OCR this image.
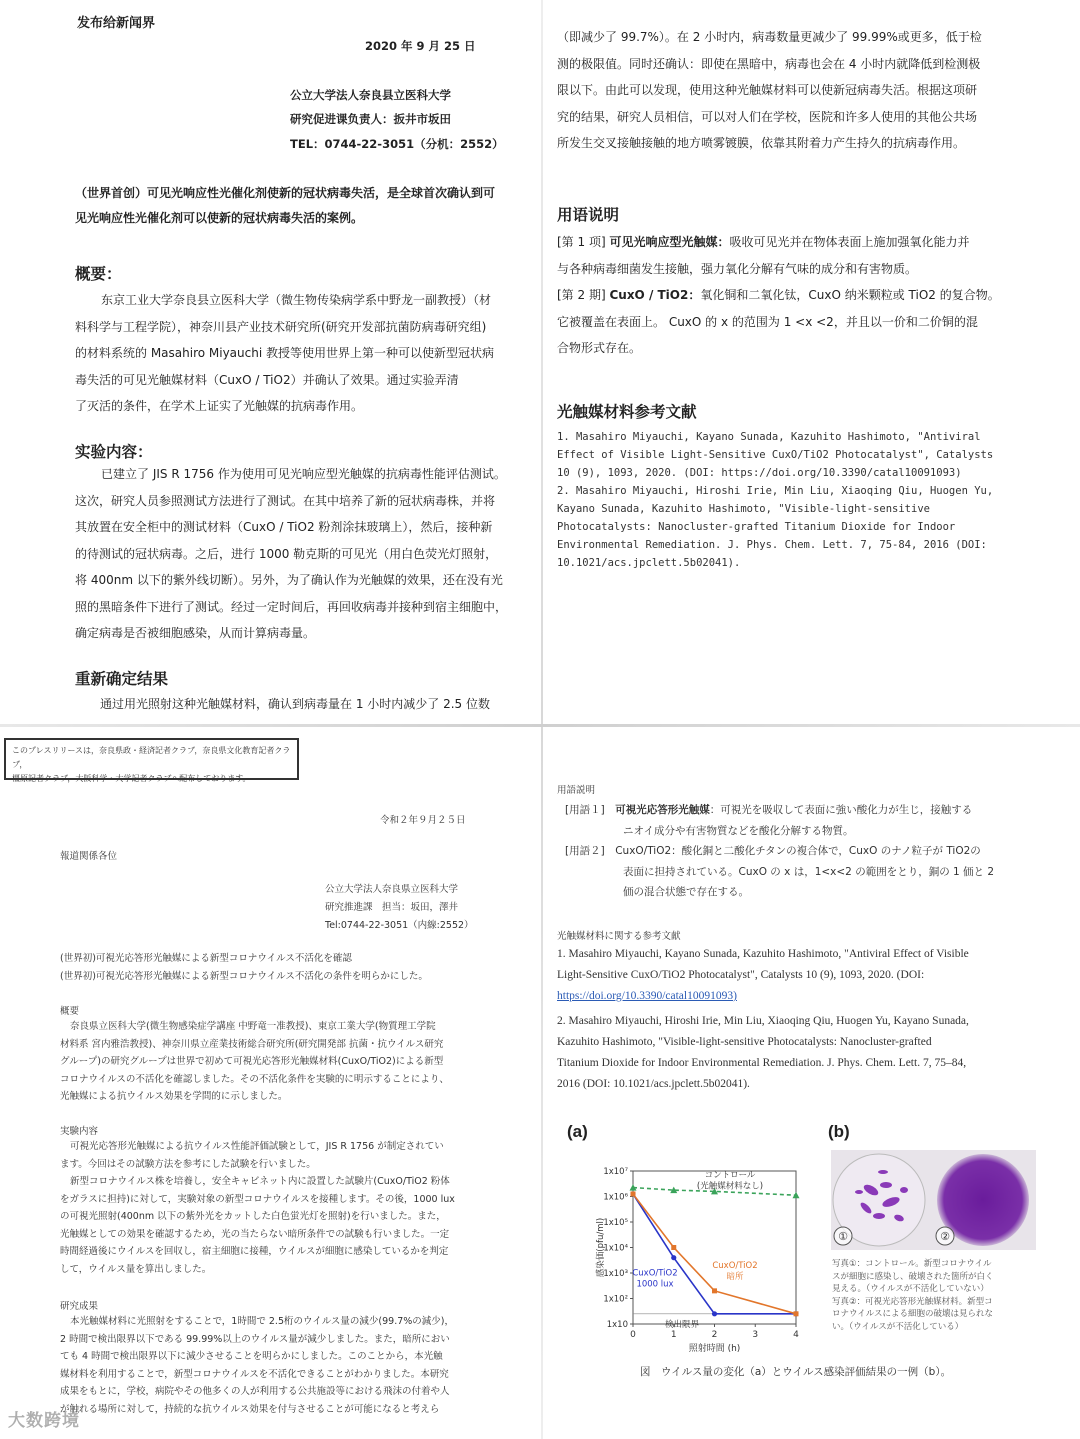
发布给新闻界

2020 年 9 月 25 日

公立大学法人奈良县立医科大学

研究促进课负责人：扳井市坂田

TEL：0744-22-3051（分机：2552）

（世界首创）可见光响应性光催化剂使新的冠状病毒失活，是全球首次确认到可

见光响应性光催化剂可以使新的冠状病毒失活的案例。

概要：

东京工业大学奈良县立医科大学（微生物传染病学系中野龙一副教授）（材
料科学与工程学院），神奈川县产业技术研究所(研究开发部抗菌防病毒研究组)
的材料系统的 Masahiro Miyauchi 教授等使用世界上第一种可以使新型冠状病
毒失活的可见光触媒材料（CuxO / TiO2）并确认了效果。通过实验弄清
了灭活的条件，在学术上证实了光触媒的抗病毒作用。

实验内容：

已建立了 JIS R 1756 作为使用可见光响应型光触媒的抗病毒性能评估测试。
这次，研究人员参照测试方法进行了测试。在其中培养了新的冠状病毒株，并将
其放置在安全柜中的测试材料（CuxO / TiO2 粉剂涂抹玻璃上），然后，接种新
的待测试的冠状病毒。之后，进行 1000 勒克斯的可见光（用白色荧光灯照射，
将 400nm 以下的紫外线切断）。另外，为了确认作为光触媒的效果，还在没有光
照的黑暗条件下进行了测试。经过一定时间后，再回收病毒并接种到宿主细胞中，
确定病毒是否被细胞感染，从而计算病毒量。

重新确定结果

通过用光照射这种光触媒材料，确认到病毒量在 1 小时内减少了 2.5 位数

（即减少了 99.7%）。在 2 小时内，病毒数量更减少了 99.99%或更多，低于检
测的极限值。同时还确认：即使在黑暗中，病毒也会在 4 小时内就降低到检测极
限以下。由此可以发现，使用这种光触媒材料可以使新冠病毒失活。根据这项研
究的结果，研究人员相信，可以对人们在学校，医院和许多人使用的其他公共场
所发生交叉接触接触的地方喷雾镀膜，依靠其附着力产生持久的抗病毒作用。

用语说明

[第 1 项] 可见光响应型光触媒：吸收可见光并在物体表面上施加强氧化能力并
与各种病毒细菌发生接触，强力氧化分解有气味的成分和有害物质。
[第 2 期] CuxO / TiO2：氧化铜和二氧化钛，CuxO 纳米颗粒或 TiO2 的复合物。
它被覆盖在表面上。 CuxO 的 x 的范围为 1 <x <2，并且以一价和二价铜的混
合物形式存在。

光触媒材料参考文献

1. Masahiro Miyauchi, Kayano Sunada, Kazuhito Hashimoto, "Antiviral
Effect of Visible Light-Sensitive CuxO/TiO2 Photocatalyst", Catalysts
10 (9), 1093, 2020. (DOI: https://doi.org/10.3390/catal10091093)
2. Masahiro Miyauchi, Hiroshi Irie, Min Liu, Xiaoqing Qiu, Huogen Yu,
Kayano Sunada, Kazuhito Hashimoto, "Visible-light-sensitive
Photocatalysts: Nanocluster-grafted Titanium Dioxide for Indoor
Environmental Remediation. J. Phys. Chem. Lett. 7, 75-84, 2016 (DOI:
10.1021/acs.jpclett.5b02041).
このプレスリリースは，奈良県政・経済記者クラブ，奈良県文化教育記者クラブ，
橿原記者クラブ，大阪科学・大学記者クラブへ配布しております。

令和２年９月２５日

報道関係各位

公立大学法人奈良県立医科大学

研究推進課　担当：坂田，澤井

Tel:0744-22-3051（内線:2552）

(世界初)可視光応答形光触媒による新型コロナウイルス不活化を確認

(世界初)可視光応答形光触媒による新型コロナウイルス不活化の条件を明らかにした。

概要

奈良県立医科大学(微生物感染症学講座 中野竜一准教授)、東京工業大学(物質理工学院
材料系 宮内雅浩教授)、神奈川県立産業技術総合研究所(研究開発部 抗菌・抗ウイルス研究
グループ)の研究グループは世界で初めて可視光応答形光触媒材料(CuxO/TiO2)による新型
コロナウイルスの不活化を確認しました。その不活化条件を実験的に明示することにより、
光触媒による抗ウイルス効果を学問的に示しました。

実験内容

可視光応答形光触媒による抗ウイルス性能評価試験として，JIS R 1756 が制定されてい
ます。今回はその試験方法を参考にした試験を行いました。
新型コロナウイルス株を培養し，安全キャビネット内に設置した試験片(CuxO/TiO2 粉体
をガラスに担持)に対して，実験対象の新型コロナウイルスを接種します。その後，1000 lux
の可視光照射(400nm 以下の紫外光をカットした白色蛍光灯を照射)を行いました。また，
光触媒としての効果を確認するため，光の当たらない暗所条件での試験も行いました。一定
時間経過後にウイルスを回収し，宿主細胞に接種，ウイルスが細胞に感染しているかを判定
して，ウイルス量を算出しました。

研究成果

本光触媒材料に光照射をすることで，1時間で 2.5桁のウイルス量の減少(99.7%の減少)，
2 時間で検出限界以下である 99.99%以上のウイルス量が減少しました。また，暗所におい
ても 4 時間で検出限界以下に減少させることを明らかにしました。このことから，本光触
媒材料を利用することで，新型コロナウイルスを不活化できることがわかりました。本研究
成果をもとに，学校，病院やその他多くの人が利用する公共施設等における飛沫の付着や人
が触れる場所に対して，持続的な抗ウイルス効果を付与させることが可能になると考えら

用語説明

[用語１]　 可視光応答形光触媒：可視光を吸収して表面に強い酸化力が生じ，接触する
ニオイ成分や有害物質などを酸化分解する物質。
[用語２]　 CuxO/TiO2：酸化銅と二酸化チタンの複合体で，CuxO のナノ粒子が TiO2の
表面に担持されている。CuxO の x は，1<x<2 の範囲をとり，銅の 1 価と 2
価の混合状態で存在する。

光触媒材料に関する参考文献

1. Masahiro Miyauchi, Kayano Sunada, Kazuhito Hashimoto, "Antiviral Effect of Visible
Light-Sensitive CuxO/TiO2 Photocatalyst", Catalysts 10 (9), 1093, 2020. (DOI:
https://doi.org/10.3390/catal10091093)
2. Masahiro Miyauchi, Hiroshi Irie, Min Liu, Xiaoqing Qiu, Huogen Yu, Kayano Sunada,
Kazuhito Hashimoto, "Visible-light-sensitive Photocatalysts: Nanocluster-grafted
Titanium Dioxide for Indoor Environmental Remediation. J. Phys. Chem. Lett. 7, 75–84,
2016 (DOI: 10.1021/acs.jpclett.5b02041).

(a)

1x10
1x10²
1x10³
1x10⁴
1x10⁵
1x10⁶
1x10⁷
0	1	2	3	4
照射時間 (h)
感染価(pfu/ml)
検出限界
コントロール
(光触媒材料なし)
CuxO/TiO2
1000 lux
CuxO/TiO2
暗所

(b)

①	②
写真①：コントロール。新型コロナウイル
スが細胞に感染し、破壊された箇所が白く
見える。（ウイルスが不活化していない）
写真②：可視光応答形光触媒材料。新型コ
ロナウイルスによる細胞の破壊は見られな
い。（ウイルスが不活化している）

図　ウイルス量の変化（a）とウイルス感染評価結果の一例（b）。

大数跨境
